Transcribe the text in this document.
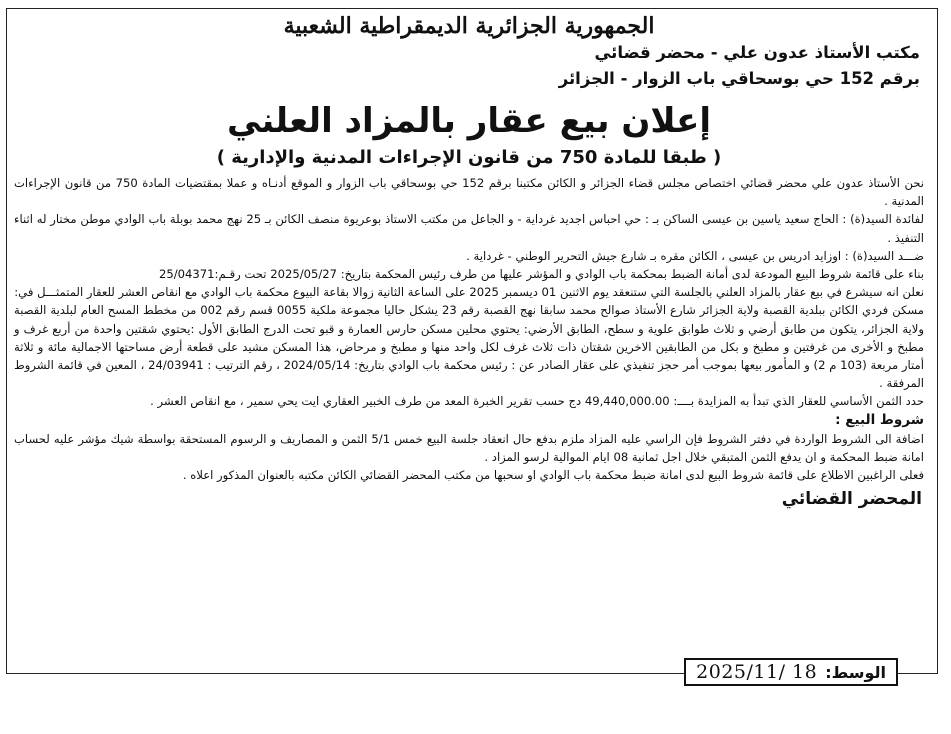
الجمهورية الجزائرية الديمقراطية الشعبية
مكتب الأستاذ عدون علي - محضر قضائي
برقم 152 حي بوسحاقي باب الزوار - الجزائر
إعلان بيع عقار بالمزاد العلني
( طبقا للمادة 750 من قانون الإجراءات المدنية والإدارية )

نحن الأستاذ عدون علي محضر قضائي اختصاص مجلس قضاء الجزائر و الكائن مكتبنا برقم 152 حي بوسحاقي باب الزوار و الموقع أدنـاه و عملا بمقتضيات المادة 750 من قانون الإجراءات المدنية .

لفائدة السيد(ة) : الحاج سعيد ياسين بن عيسى الساكن بـ : حي احباس اجديد غرداية - و الجاعل من مكتب الاستاذ بوعريوة منصف الكائن بـ 25 نهج محمد بوبلة باب الوادي موطن مختار له اثناء التنفيذ .

ضـــد السيد(ة) : اوزايد ادريس بن عيسى ، الكائن مقره بـ شارع جيش التحرير الوطني - غرداية .

بناء على قائمة شروط البيع المودعة لدى أمانة الضبط بمحكمة باب الوادي و المؤشر عليها من طرف رئيس المحكمة بتاريخ: 2025/05/27 تحت رقـم:25/04371

نعلن انه سيشرع في بيع عقار بالمزاد العلني بالجلسة التي ستنعقد يوم الاثنين 01 ديسمبر 2025 على الساعة الثانية زوالا بقاعة البيوع محكمة باب الوادي مع انقاص العشر للعقار المتمثـــل في:

مسكن فردي الكائن ببلدية القصبة ولاية الجزائر شارع الأستاذ صوالح محمد سابقا نهج القصبة رقم 23 يشكل حاليا مجموعة ملكية 0055 قسم رقم 002 من مخطط المسح العام لبلدية القصبة ولاية الجزائر، يتكون من طابق أرضي و ثلاث طوابق علوية و سطح، الطابق الأرضي: يحتوي محلين مسكن حارس العمارة و قبو تحت الدرج الطابق الأول :يحتوي شقتين واحدة من أربع غرف و مطبخ و الأخرى من غرفتين و مطبخ و بكل من الطابقين الاخرين شقتان ذات ثلاث غرف لكل واحد منها و مطبخ و مرحاض، هذا المسكن مشيد على قطعة أرض مساحتها الاجمالية مائة و ثلاثة أمتار مربعة (103 م 2) و المأمور بيعها بموجب أمر حجز تنفيذي على عقار الصادر عن : رئيس محكمة باب الوادي بتاريخ: 2024/05/14 ، رقم الترتيب : 24/03941 ، المعين في قائمة الشروط المرفقة .

حدد الثمن الأساسي للعقار الذي تبدأ به المزايدة بــــ: 49,440,000.00 دج حسب تقرير الخبرة المعد من طرف الخبير العقاري ايت يحي سمير ، مع انقاص العشر .

شروط البيع :

اضافة الى الشروط الواردة في دفتر الشروط فإن الراسي عليه المزاد ملزم بدفع حال انعقاد جلسة البيع خمس 5/1 الثمن و المصاريف و الرسوم المستحقة بواسطة شيك مؤشر عليه لحساب امانة ضبط المحكمة و ان يدفع الثمن المتبقي خلال اجل ثمانية 08 ايام الموالية لرسو المزاد .

فعلى الراغبين الاطلاع على قائمة شروط البيع لدى امانة ضبط محكمة باب الوادي او سحبها من مكتب المحضر القضائي الكائن مكتبه بالعنوان المذكور اعلاه .

المحضر القضائي
الوسط:
2025/11/ 18
